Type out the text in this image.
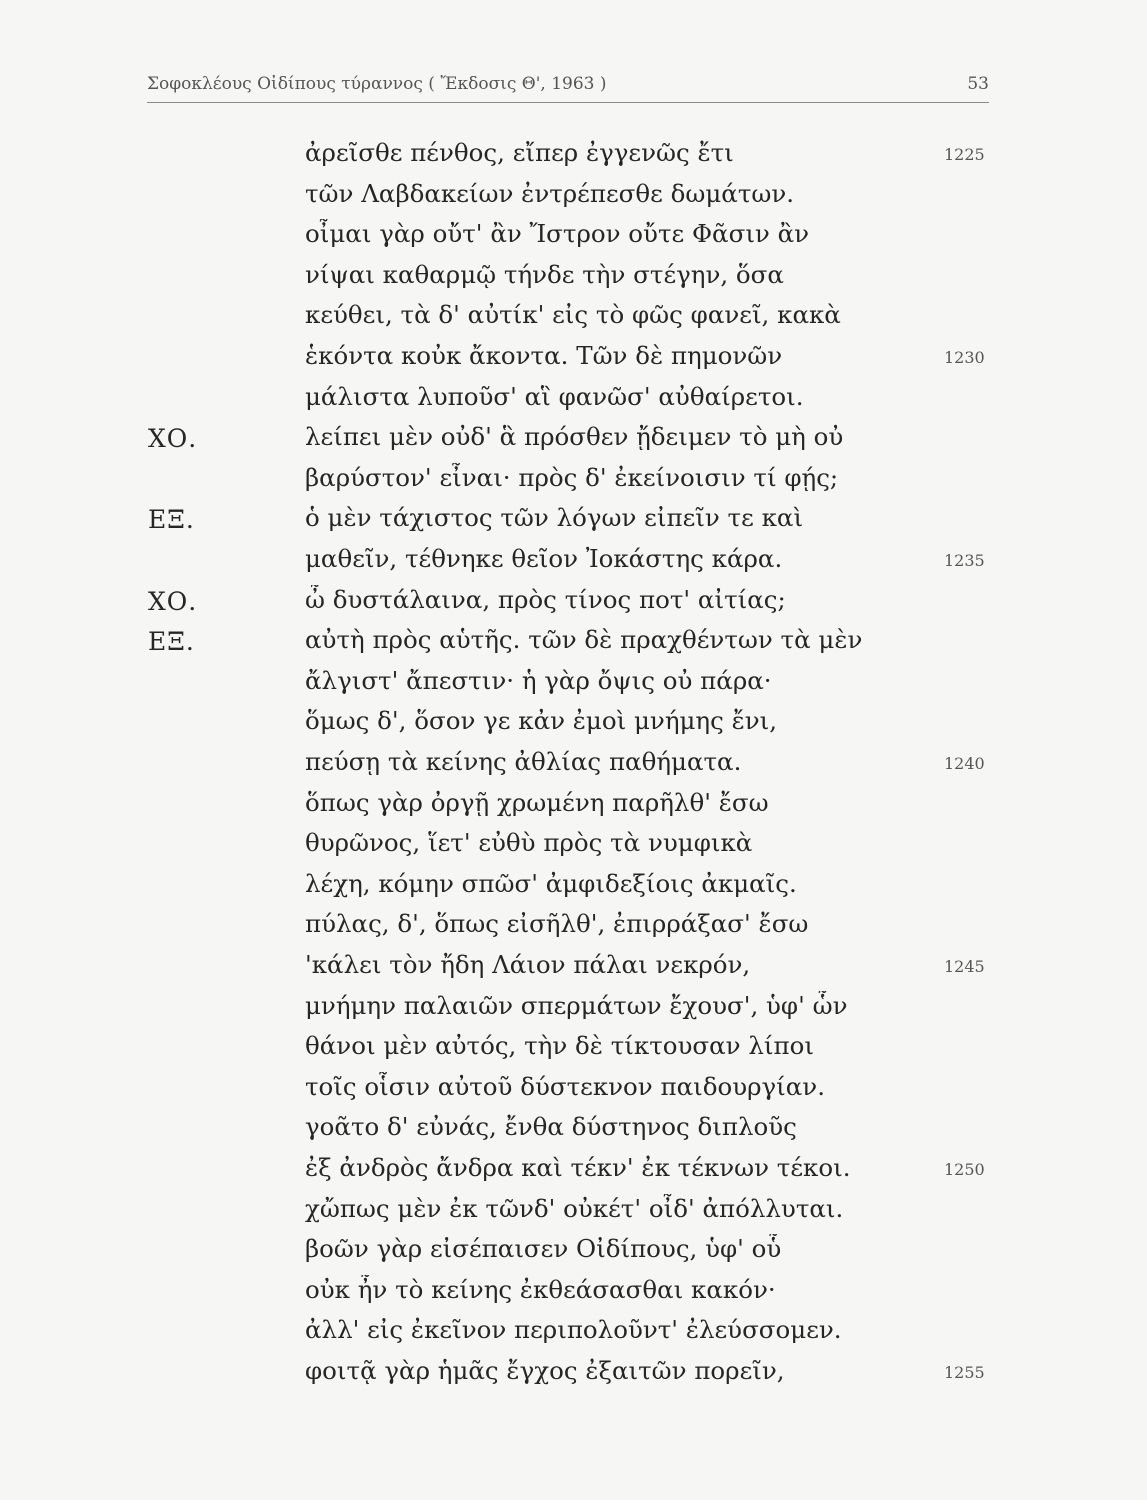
Σοφοκλέους Οἰδίπους τύραννος ( Ἔκδοσις Θ', 1963 )	53
ἀρεῖσθε πένθος, εἴπερ ἐγγενῶς ἔτι	1225
τῶν Λαβδακείων ἐντρέπεσθε δωμάτων.
οἶμαι γὰρ οὔτ' ἂν Ἴστρον οὔτε Φᾶσιν ἂν
νίψαι καθαρμῷ τήνδε τὴν στέγην, ὅσα
κεύθει, τὰ δ' αὐτίκ' εἰς τὸ φῶς φανεῖ, κακὰ
ἑκόντα κοὐκ ἄκοντα. Τῶν δὲ πημονῶν	1230
μάλιστα λυποῦσ' αἳ φανῶσ' αὐθαίρετοι.
ΧΟ.	λείπει μὲν οὐδ' ἃ πρόσθεν ᾔδειμεν τὸ μὴ οὐ
βαρύστον' εἶναι· πρὸς δ' ἐκείνοισιν τί φῄς;
ΕΞ.	ὁ μὲν τάχιστος τῶν λόγων εἰπεῖν τε καὶ
μαθεῖν, τέθνηκε θεῖον Ἰοκάστης κάρα.	1235
ΧΟ.	ὦ δυστάλαινα, πρὸς τίνος ποτ' αἰτίας;
ΕΞ.	αὐτὴ πρὸς αὑτῆς. τῶν δὲ πραχθέντων τὰ μὲν
ἄλγιστ' ἄπεστιν· ἡ γὰρ ὄψις οὐ πάρα·
ὅμως δ', ὅσον γε κἀν ἐμοὶ μνήμης ἔνι,
πεύσῃ τὰ κείνης ἀθλίας παθήματα.	1240
ὅπως γὰρ ὀργῇ χρωμένη παρῆλθ' ἔσω
θυρῶνος, ἵετ' εὐθὺ πρὸς τὰ νυμφικὰ
λέχη, κόμην σπῶσ' ἀμφιδεξίοις ἀκμαῖς.
πύλας, δ', ὅπως εἰσῆλθ', ἐπιρράξασ' ἔσω
'κάλει τὸν ἤδη Λάιον πάλαι νεκρόν,	1245
μνήμην παλαιῶν σπερμάτων ἔχουσ', ὑφ' ὧν
θάνοι μὲν αὐτός, τὴν δὲ τίκτουσαν λίποι
τοῖς οἷσιν αὐτοῦ δύστεκνον παιδουργίαν.
γοᾶτο δ' εὐνάς, ἔνθα δύστηνος διπλοῦς
ἐξ ἀνδρὸς ἄνδρα καὶ τέκν' ἐκ τέκνων τέκοι.	1250
χὤπως μὲν ἐκ τῶνδ' οὐκέτ' οἶδ' ἀπόλλυται.
βοῶν γὰρ εἰσέπαισεν Οἰδίπους, ὑφ' οὗ
οὐκ ἦν τὸ κείνης ἐκθεάσασθαι κακόν·
ἀλλ' εἰς ἐκεῖνον περιπολοῦντ' ἐλεύσσομεν.
φοιτᾷ γὰρ ἡμᾶς ἔγχος ἐξαιτῶν πορεῖν,	1255
